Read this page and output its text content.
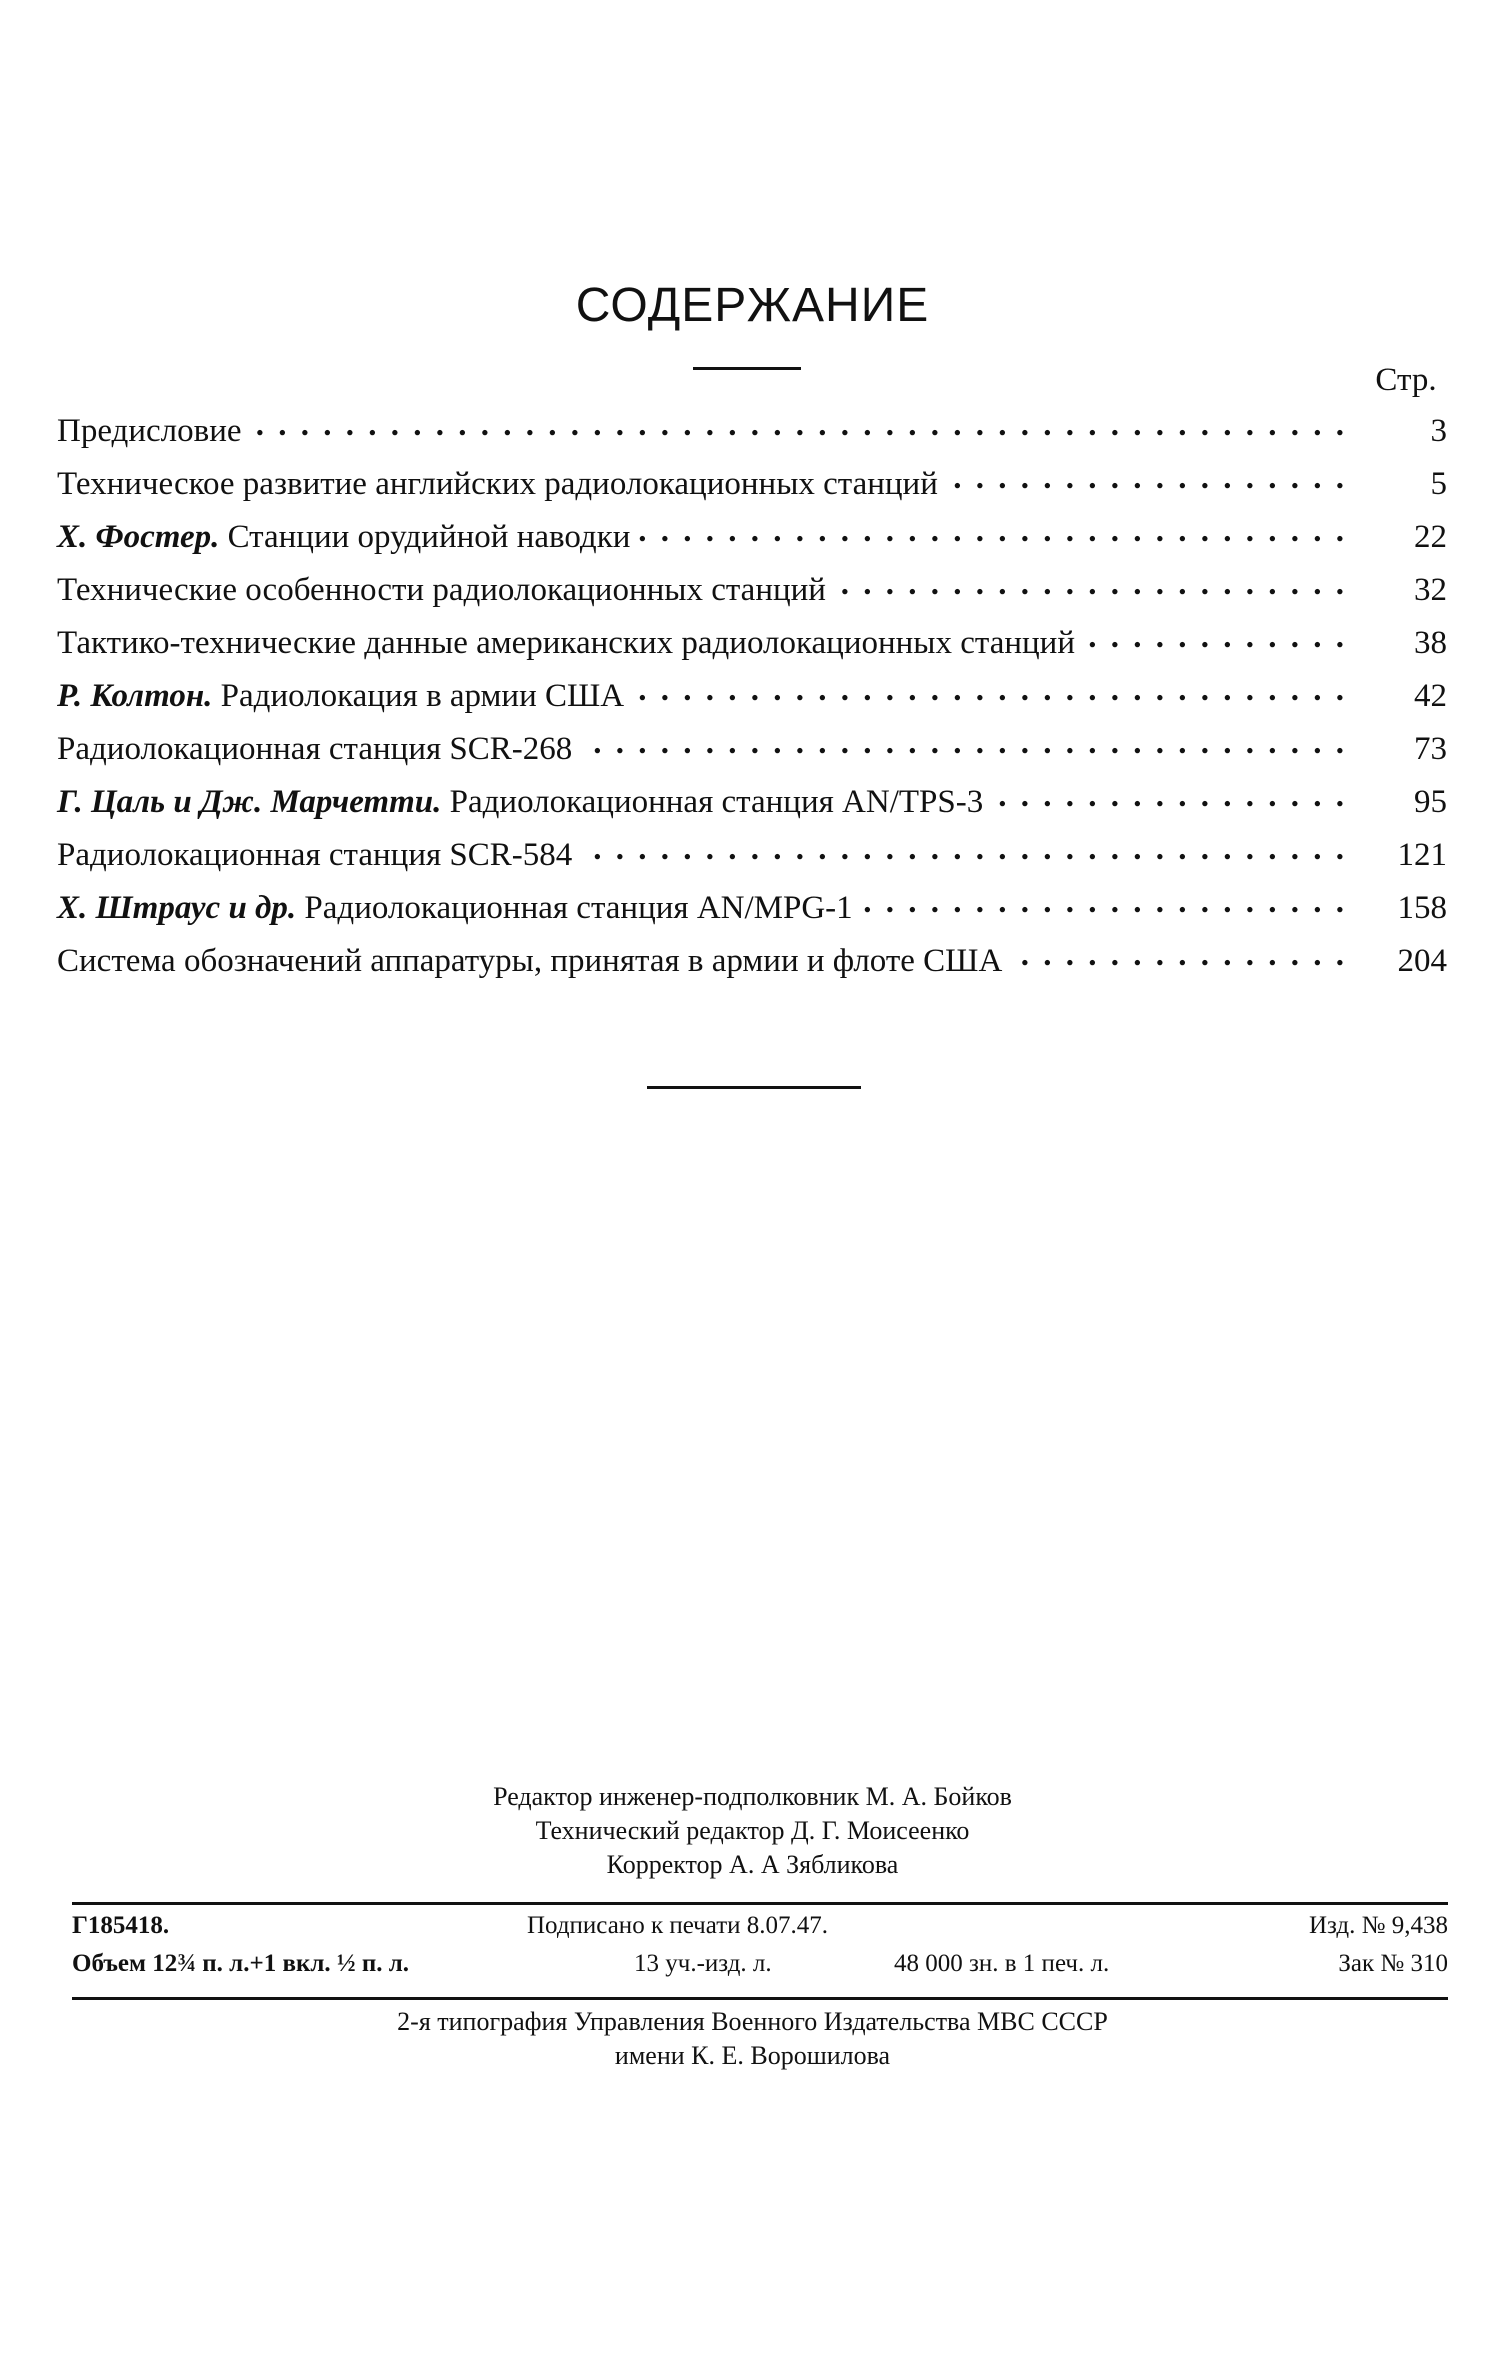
СОДЕРЖАНИЕ
Стр.
Предисловие . . .	3
Техническое развитие английских радиолокационных станций . . .	5
Х. Фостер. Станции орудийной наводки . . .	22
Технические особенности радиолокационных станций . . .	32
Тактико-технические данные американских радиолокационных станций . . .	38
Р. Колтон. Радиолокация в армии США . . .	42
Радиолокационная станция SCR-268 . . .	73
Г. Цаль и Дж. Марчетти. Радиолокационная станция AN/TPS-3 . . .	95
Радиолокационная станция SCR-584 . . .	121
Х. Штраус и др. Радиолокационная станция AN/MPG-1 . . .	158
Система обозначений аппаратуры, принятая в армии и флоте США . . .	204
Редактор инженер-подполковник М. А. Бойков
Технический редактор Д. Г. Моисеенко
Корректор А. А Зябликова
Г185418.	Подписано к печати 8.07.47.	Изд. № 9,438
Объем 12¾ п. л.+1 вкл. ½ п. л.	13 уч.-изд. л.	48 000 зн. в 1 печ. л.	Зак № 310
2-я типография Управления Военного Издательства МВС СССР
имени К. Е. Ворошилова
